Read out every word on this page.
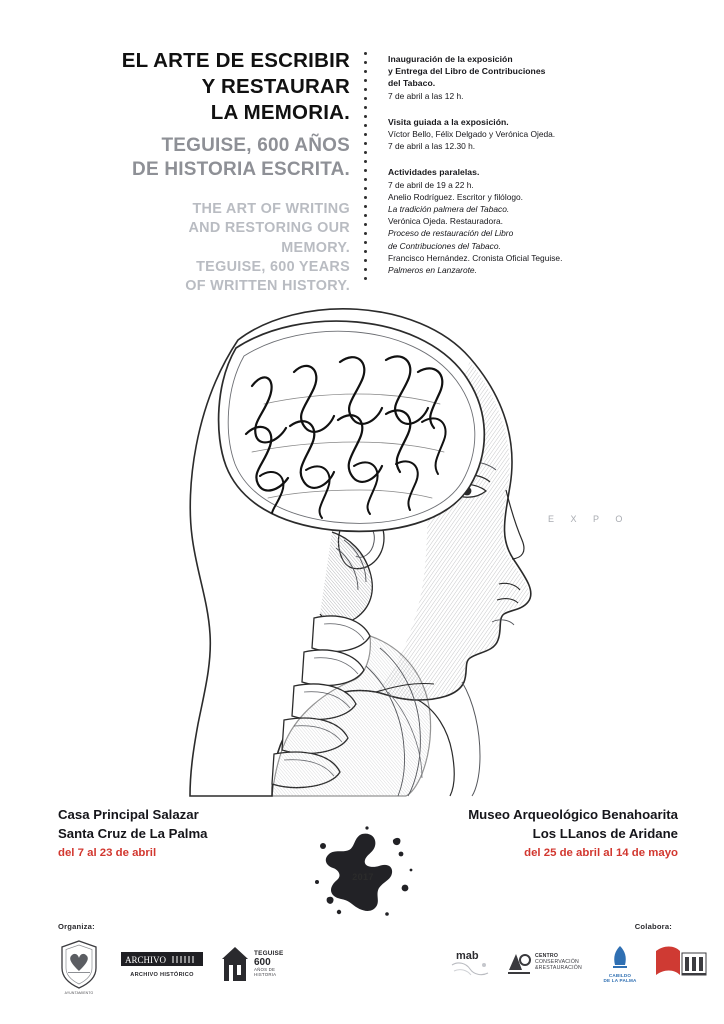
EL ARTE DE ESCRIBIR
Y RESTAURAR
LA MEMORIA.
TEGUISE, 600 AÑOS
DE HISTORIA ESCRITA.
THE ART OF WRITING
AND RESTORING OUR MEMORY.
TEGUISE, 600 YEARS
OF WRITTEN HISTORY.
Inauguración de la exposición
y Entrega del Libro de Contribuciones
del Tabaco.
7 de abril a las 12 h.
Visita guiada a la exposición.
Víctor Bello, Félix Delgado y Verónica Ojeda.
7 de abril a las 12.30 h.
Actividades paralelas.
7 de abril de 19 a 22 h.
Anelio Rodríguez. Escritor y filólogo.
La tradición palmera del Tabaco.
Verónica Ojeda. Restauradora.
Proceso de restauración del Libro
de Contribuciones del Tabaco.
Francisco Hernández. Cronista Oficial Teguise.
Palmeros en Lanzarote.
E X P O
Casa Principal Salazar
Santa Cruz de La Palma
del 7 al 23 de abril
Museo Arqueológico Benahoarita
Los LLanos de Aridane
del 25 de abril al 14 de mayo
2017
Organiza:	Colabora:
AYUNTAMIENTO
ARCHIVO
ARCHIVO HISTÓRICO
TEGUISE
600
AÑOS DE
HISTORIA
mab	CENTRO
CONSERVACIÓN
&RESTAURACIÓN
CABILDO
DE LA PALMA
